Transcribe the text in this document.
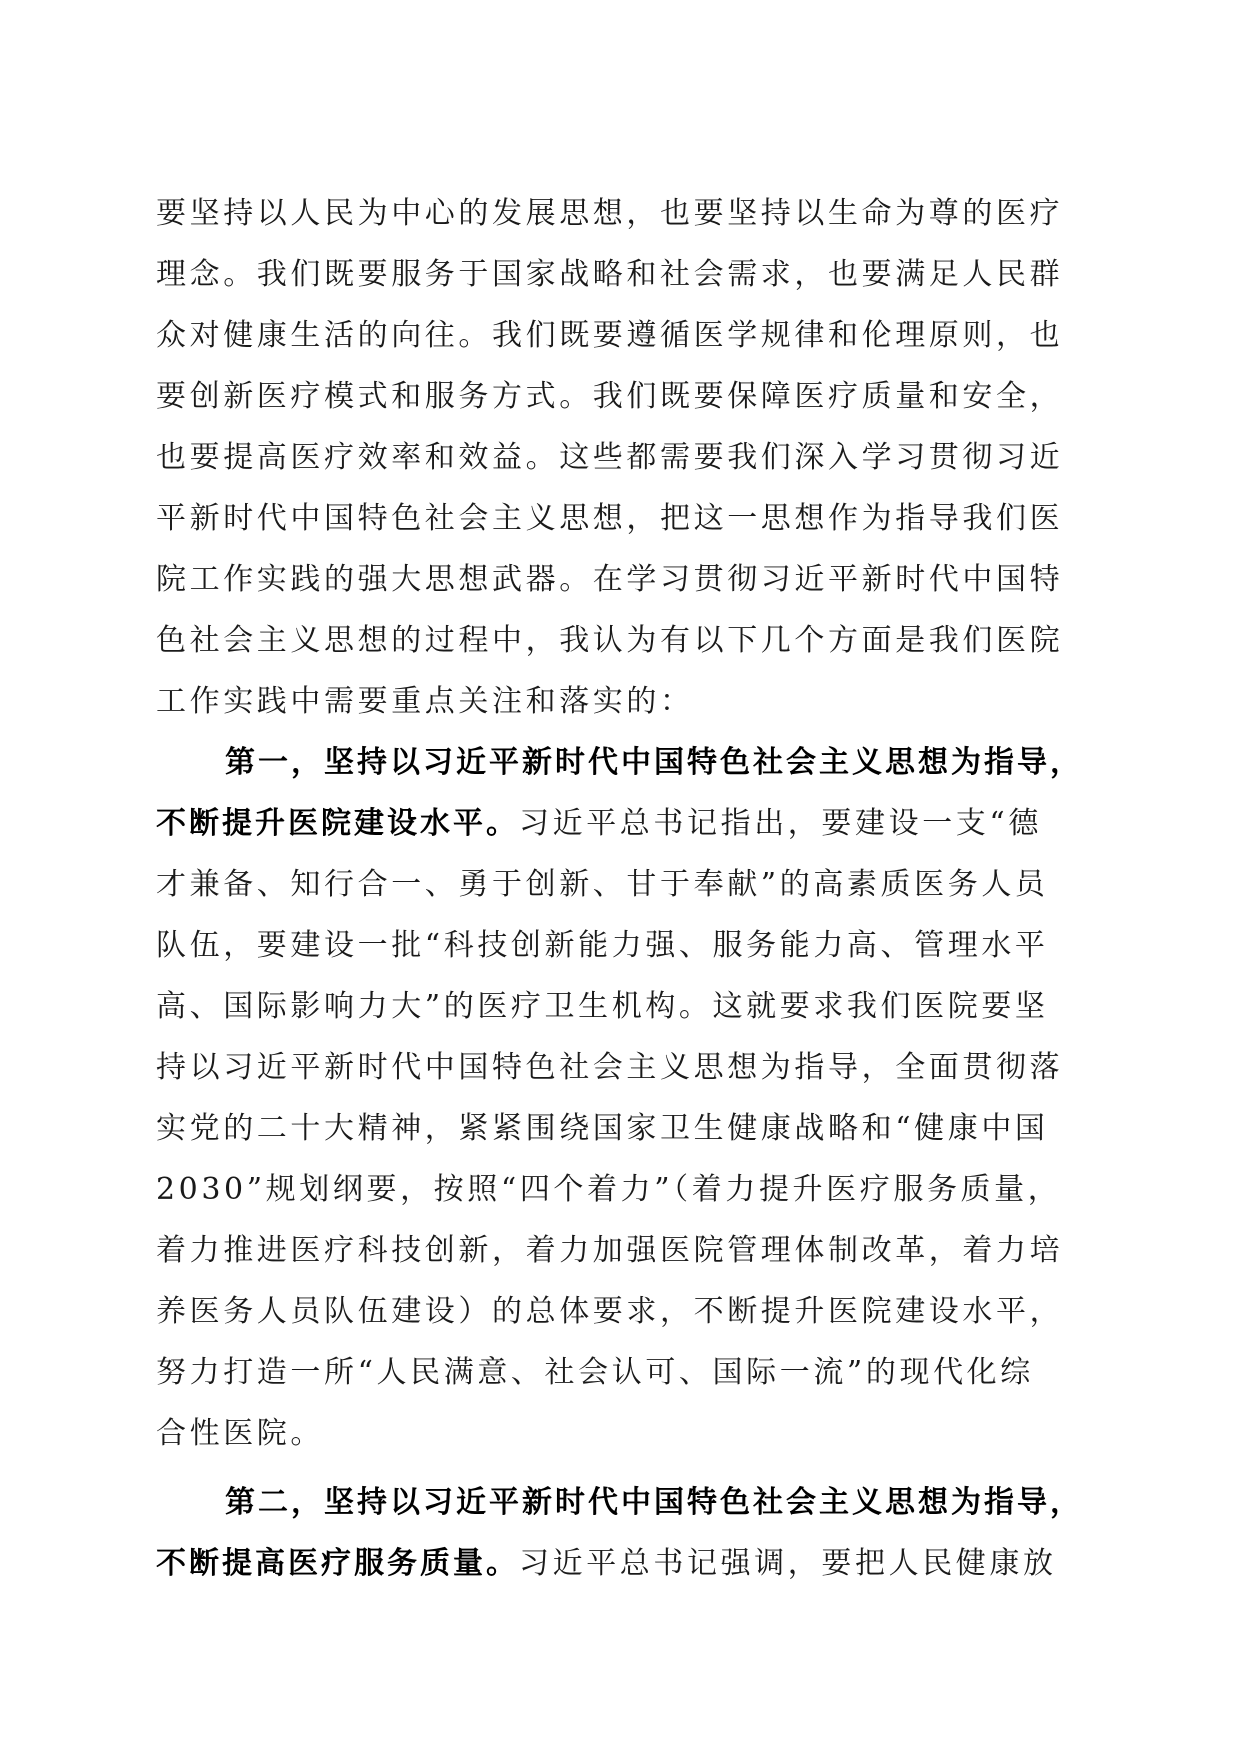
要坚持以人民为中心的发展思想，也要坚持以生命为尊的医疗
理念。我们既要服务于国家战略和社会需求，也要满足人民群
众对健康生活的向往。我们既要遵循医学规律和伦理原则，也
要创新医疗模式和服务方式。我们既要保障医疗质量和安全，
也要提高医疗效率和效益。这些都需要我们深入学习贯彻习近
平新时代中国特色社会主义思想，把这一思想作为指导我们医
院工作实践的强大思想武器。在学习贯彻习近平新时代中国特
色社会主义思想的过程中，我认为有以下几个方面是我们医院
工作实践中需要重点关注和落实的：
第一，坚持以习近平新时代中国特色社会主义思想为指导，
不断提升医院建设水平。习近平总书记指出，要建设一支“德
才兼备、知行合一、勇于创新、甘于奉献”的高素质医务人员
队伍，要建设一批“科技创新能力强、服务能力高、管理水平
高、国际影响力大”的医疗卫生机构。这就要求我们医院要坚
持以习近平新时代中国特色社会主义思想为指导，全面贯彻落
实党的二十大精神，紧紧围绕国家卫生健康战略和“健康中国
2030”规划纲要，按照“四个着力”（着力提升医疗服务质量，
着力推进医疗科技创新，着力加强医院管理体制改革，着力培
养医务人员队伍建设）的总体要求，不断提升医院建设水平，
努力打造一所“人民满意、社会认可、国际一流”的现代化综
合性医院。
第二，坚持以习近平新时代中国特色社会主义思想为指导，
不断提高医疗服务质量。习近平总书记强调，要把人民健康放
